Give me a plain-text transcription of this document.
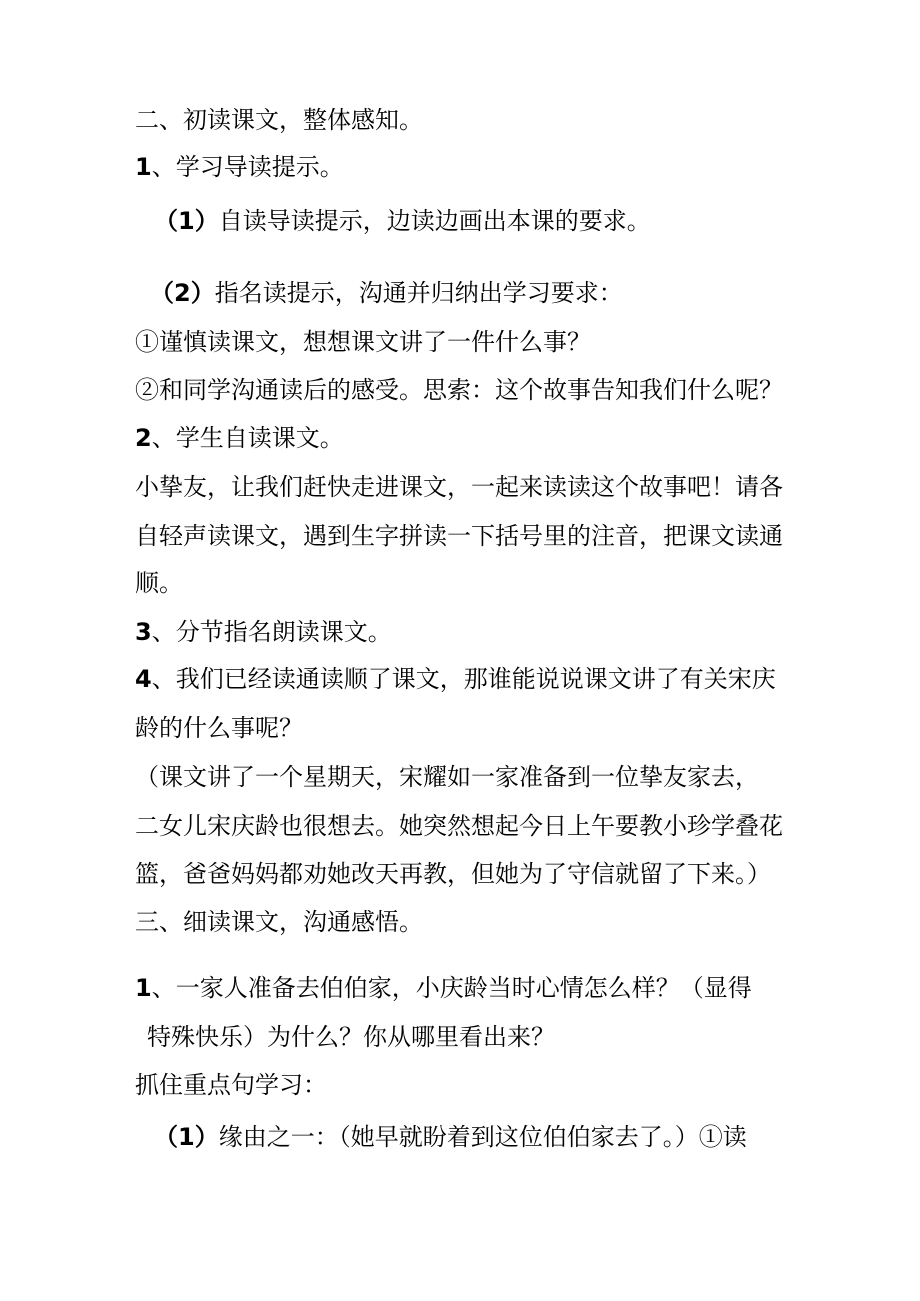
二、初读课文，整体感知。
1、学习导读提示。
（1）自读导读提示，边读边画出本课的要求。
（2）指名读提示，沟通并归纳出学习要求：
①谨慎读课文，想想课文讲了一件什么事？
②和同学沟通读后的感受。思索：这个故事告知我们什么呢？
2、学生自读课文。
小挚友，让我们赶快走进课文，一起来读读这个故事吧！请各
自轻声读课文，遇到生字拼读一下括号里的注音，把课文读通
顺。
3、分节指名朗读课文。
4、我们已经读通读顺了课文，那谁能说说课文讲了有关宋庆
龄的什么事呢？
（课文讲了一个星期天，宋耀如一家准备到一位挚友家去，
二女儿宋庆龄也很想去。她突然想起今日上午要教小珍学叠花
篮，爸爸妈妈都劝她改天再教，但她为了守信就留了下来。）
三、细读课文，沟通感悟。
1、一家人准备去伯伯家，小庆龄当时心情怎么样？（显得
特殊快乐）为什么？你从哪里看出来？
抓住重点句学习：
（1）缘由之一：（她早就盼着到这位伯伯家去了。）①读
